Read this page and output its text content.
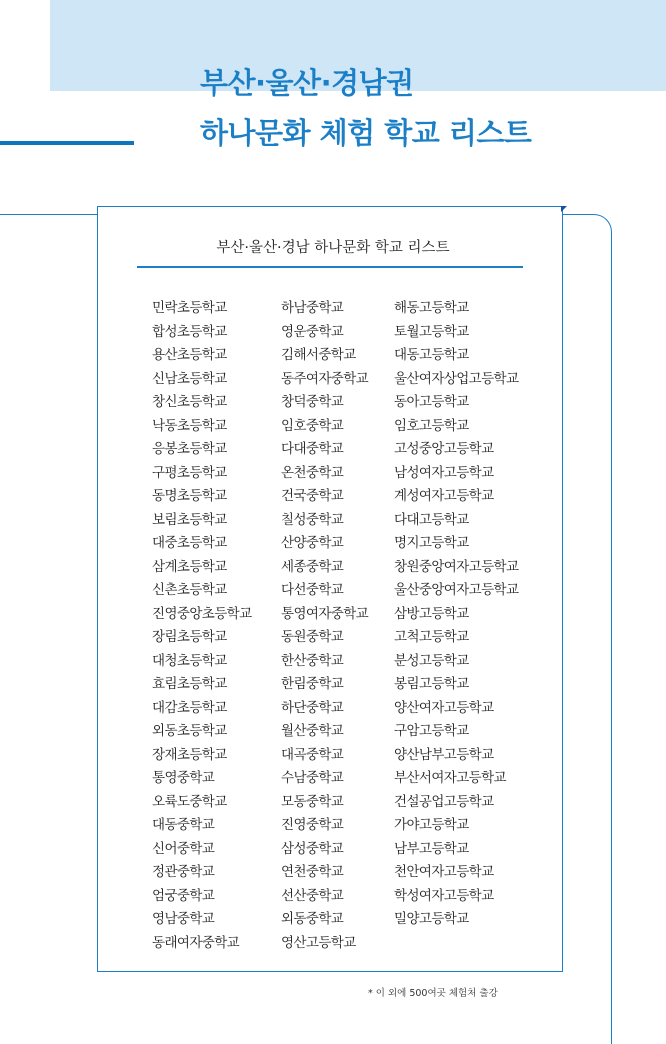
부산·울산·경남권
하나문화 체험 학교 리스트
부산·울산·경남 하나문화 학교 리스트
민락초등학교
합성초등학교
용산초등학교
신남초등학교
창신초등학교
낙동초등학교
응봉초등학교
구평초등학교
동명초등학교
보림초등학교
대중초등학교
삼계초등학교
신촌초등학교
진영중앙초등학교
장림초등학교
대청초등학교
효림초등학교
대감초등학교
외동초등학교
장재초등학교
통영중학교
오륙도중학교
대동중학교
신어중학교
정관중학교
엄궁중학교
영남중학교
동래여자중학교
하남중학교
영운중학교
김해서중학교
동주여자중학교
창덕중학교
임호중학교
다대중학교
온천중학교
건국중학교
칠성중학교
산양중학교
세종중학교
다선중학교
통영여자중학교
동원중학교
한산중학교
한림중학교
하단중학교
월산중학교
대곡중학교
수남중학교
모동중학교
진영중학교
삼성중학교
연천중학교
선산중학교
외동중학교
영산고등학교
해동고등학교
토월고등학교
대동고등학교
울산여자상업고등학교
동아고등학교
임호고등학교
고성중앙고등학교
남성여자고등학교
계성여자고등학교
다대고등학교
명지고등학교
창원중앙여자고등학교
울산중앙여자고등학교
삼방고등학교
고척고등학교
분성고등학교
봉림고등학교
양산여자고등학교
구암고등학교
양산남부고등학교
부산서여자고등학교
건설공업고등학교
가야고등학교
남부고등학교
천안여자고등학교
학성여자고등학교
밀양고등학교
* 이 외에 500여곳 체험처 출강
